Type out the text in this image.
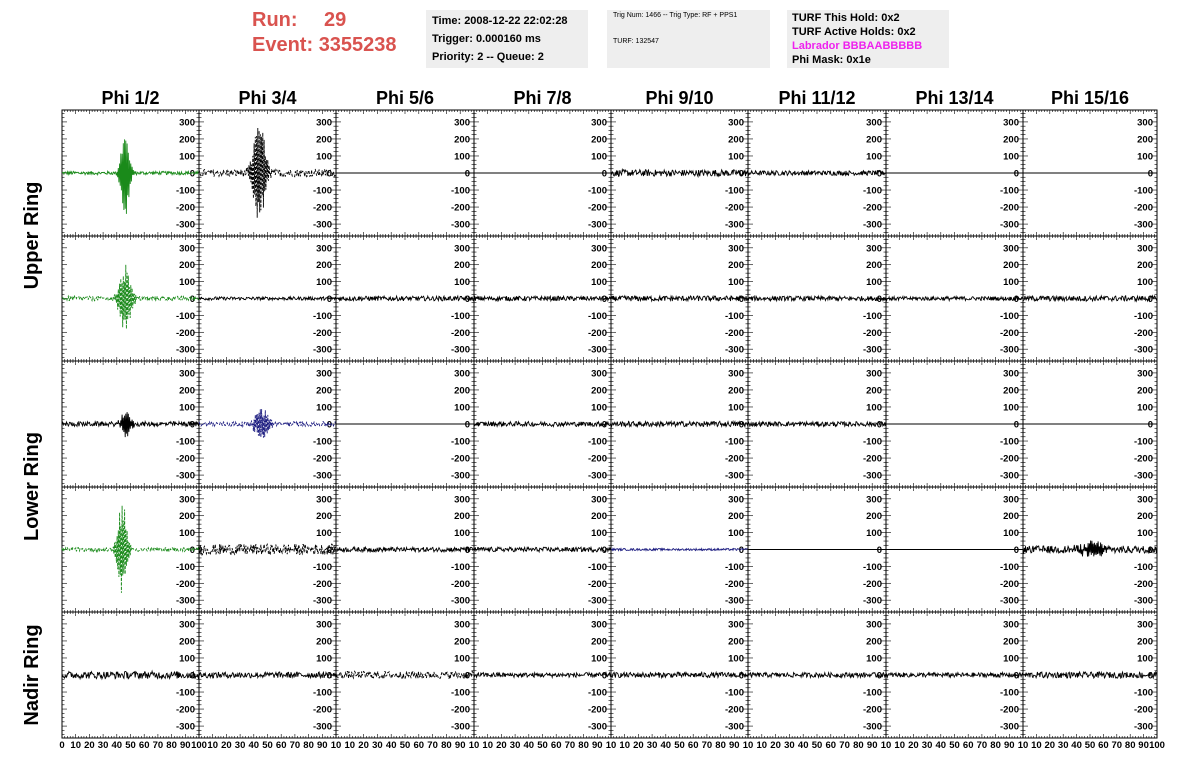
Run:	29
Event:
3355238
Time: 2008-12-22 22:02:28
Trigger: 0.000160 ms
Priority: 2 -- Queue: 2
Trig Num: 1466 -- Trig Type: RF + PPS1
TURF: 132547
TURF This Hold: 0x2
TURF Active Holds: 0x2
Labrador BBBAABBBBB
Phi Mask: 0x1e
Phi 1/2	Phi 3/4	Phi 5/6	Phi 7/8	Phi 9/10	Phi 11/12	Phi 13/14	Phi 15/16
Upper Ring
Lower Ring
Nadir Ring
-300
-200
-100
0
100
200
300
-300
-200
-100
0
100
200
300
-300
-200
-100
0
100
200
300
-300
-200
-100
0
100
200
300
-300
-200
-100
0
100
200
300
-300
-200
-100
0
100
200
300
-300
-200
-100
0
100
200
300
-300
-200
-100
0
100
200
300
-300
-200
-100
0
100
200
300
-300
-200
-100
0
100
200
300
-300
-200
-100
0
100
200
300
-300
-200
-100
0
100
200
300
-300
-200
-100
0
100
200
300
-300
-200
-100
0
100
200
300
-300
-200
-100
0
100
200
300
-300
-200
-100
0
100
200
300
-300
-200
-100
0
100
200
300
-300
-200
-100
0
100
200
300
-300
-200
-100
0
100
200
300
-300
-200
-100
0
100
200
300
-300
-200
-100
0
100
200
300
-300
-200
-100
0
100
200
300
-300
-200
-100
0
100
200
300
-300
-200
-100
0
100
200
300
-300
-200
-100
0
100
200
300
-300
-200
-100
0
100
200
300
-300
-200
-100
0
100
200
300
-300
-200
-100
0
100
200
300
-300
-200
-100
0
100
200
300
-300
-200
-100
0
100
200
300
-300
-200
-100
0
100
200
300
-300
-200
-100
0
100
200
300
-300
-200
-100
0
100
200
300
-300
-200
-100
0
100
200
300
-300
-200
-100
0
100
200
300
-300
-200
-100
0
100
200
300
-300
-200
-100
0
100
200
300
-300
-200
-100
0
100
200
300
-300
-200
-100
0
100
200
300
-300
-200
-100
0
100
200
300
0 10 20 30 40 50 60 70 80 90 100 10 20 30 40 50 60 70 80 90 10 10 20 30 40 50 60 70 80 90 10 10 20 30 40 50 60 70 80 90 10 10 20 30 40 50 60 70 80 90 10 10 20 30 40 50 60 70 80 90 10 10 20 30 40 50 60 70 80 90 10 10 20 30 40 50 60 70 80 90 100
